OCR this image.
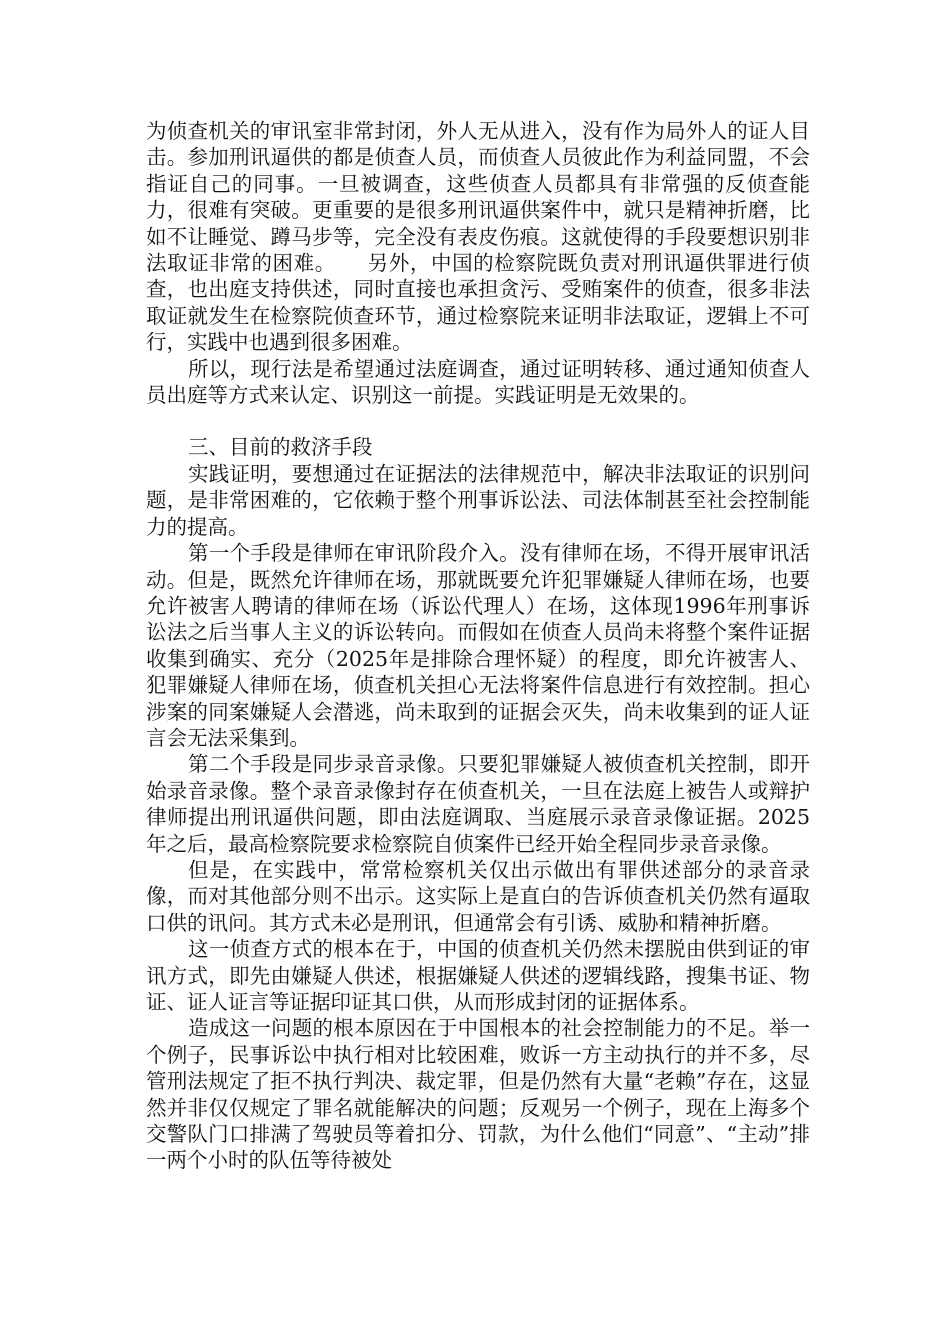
为侦查机关的审讯室非常封闭，外人无从进入，没有作为局外人的证人目击。参加刑讯逼供的都是侦查人员，而侦查人员彼此作为利益同盟，不会指证自己的同事。一旦被调查，这些侦查人员都具有非常强的反侦查能力，很难有突破。更重要的是很多刑讯逼供案件中，就只是精神折磨，比如不让睡觉、蹲马步等，完全没有表皮伤痕。这就使得的手段要想识别非法取证非常的困难。　　另外，中国的检察院既负责对刑讯逼供罪进行侦查，也出庭支持供述，同时直接也承担贪污、受贿案件的侦查，很多非法取证就发生在检察院侦查环节，通过检察院来证明非法取证，逻辑上不可行，实践中也遇到很多困难。

所以，现行法是希望通过法庭调查，通过证明转移、通过通知侦查人员出庭等方式来认定、识别这一前提。实践证明是无效果的。

三、目前的救济手段

实践证明，要想通过在证据法的法律规范中，解决非法取证的识别问题，是非常困难的，它依赖于整个刑事诉讼法、司法体制甚至社会控制能力的提高。

第一个手段是律师在审讯阶段介入。没有律师在场，不得开展审讯活动。但是，既然允许律师在场，那就既要允许犯罪嫌疑人律师在场，也要允许被害人聘请的律师在场（诉讼代理人）在场，这体现1996年刑事诉讼法之后当事人主义的诉讼转向。而假如在侦查人员尚未将整个案件证据收集到确实、充分（2025年是排除合理怀疑）的程度，即允许被害人、犯罪嫌疑人律师在场，侦查机关担心无法将案件信息进行有效控制。担心涉案的同案嫌疑人会潜逃，尚未取到的证据会灭失，尚未收集到的证人证言会无法采集到。

第二个手段是同步录音录像。只要犯罪嫌疑人被侦查机关控制，即开始录音录像。整个录音录像封存在侦查机关，一旦在法庭上被告人或辩护律师提出刑讯逼供问题，即由法庭调取、当庭展示录音录像证据。2025年之后，最高检察院要求检察院自侦案件已经开始全程同步录音录像。

但是，在实践中，常常检察机关仅出示做出有罪供述部分的录音录像，而对其他部分则不出示。这实际上是直白的告诉侦查机关仍然有逼取口供的讯问。其方式未必是刑讯，但通常会有引诱、威胁和精神折磨。

这一侦查方式的根本在于，中国的侦查机关仍然未摆脱由供到证的审讯方式，即先由嫌疑人供述，根据嫌疑人供述的逻辑线路，搜集书证、物证、证人证言等证据印证其口供，从而形成封闭的证据体系。

造成这一问题的根本原因在于中国根本的社会控制能力的不足。举一个例子，民事诉讼中执行相对比较困难，败诉一方主动执行的并不多，尽管刑法规定了拒不执行判决、裁定罪，但是仍然有大量“老赖”存在，这显然并非仅仅规定了罪名就能解决的问题；反观另一个例子，现在上海多个交警队门口排满了驾驶员等着扣分、罚款，为什么他们“同意”、“主动”排一两个小时的队伍等待被处
